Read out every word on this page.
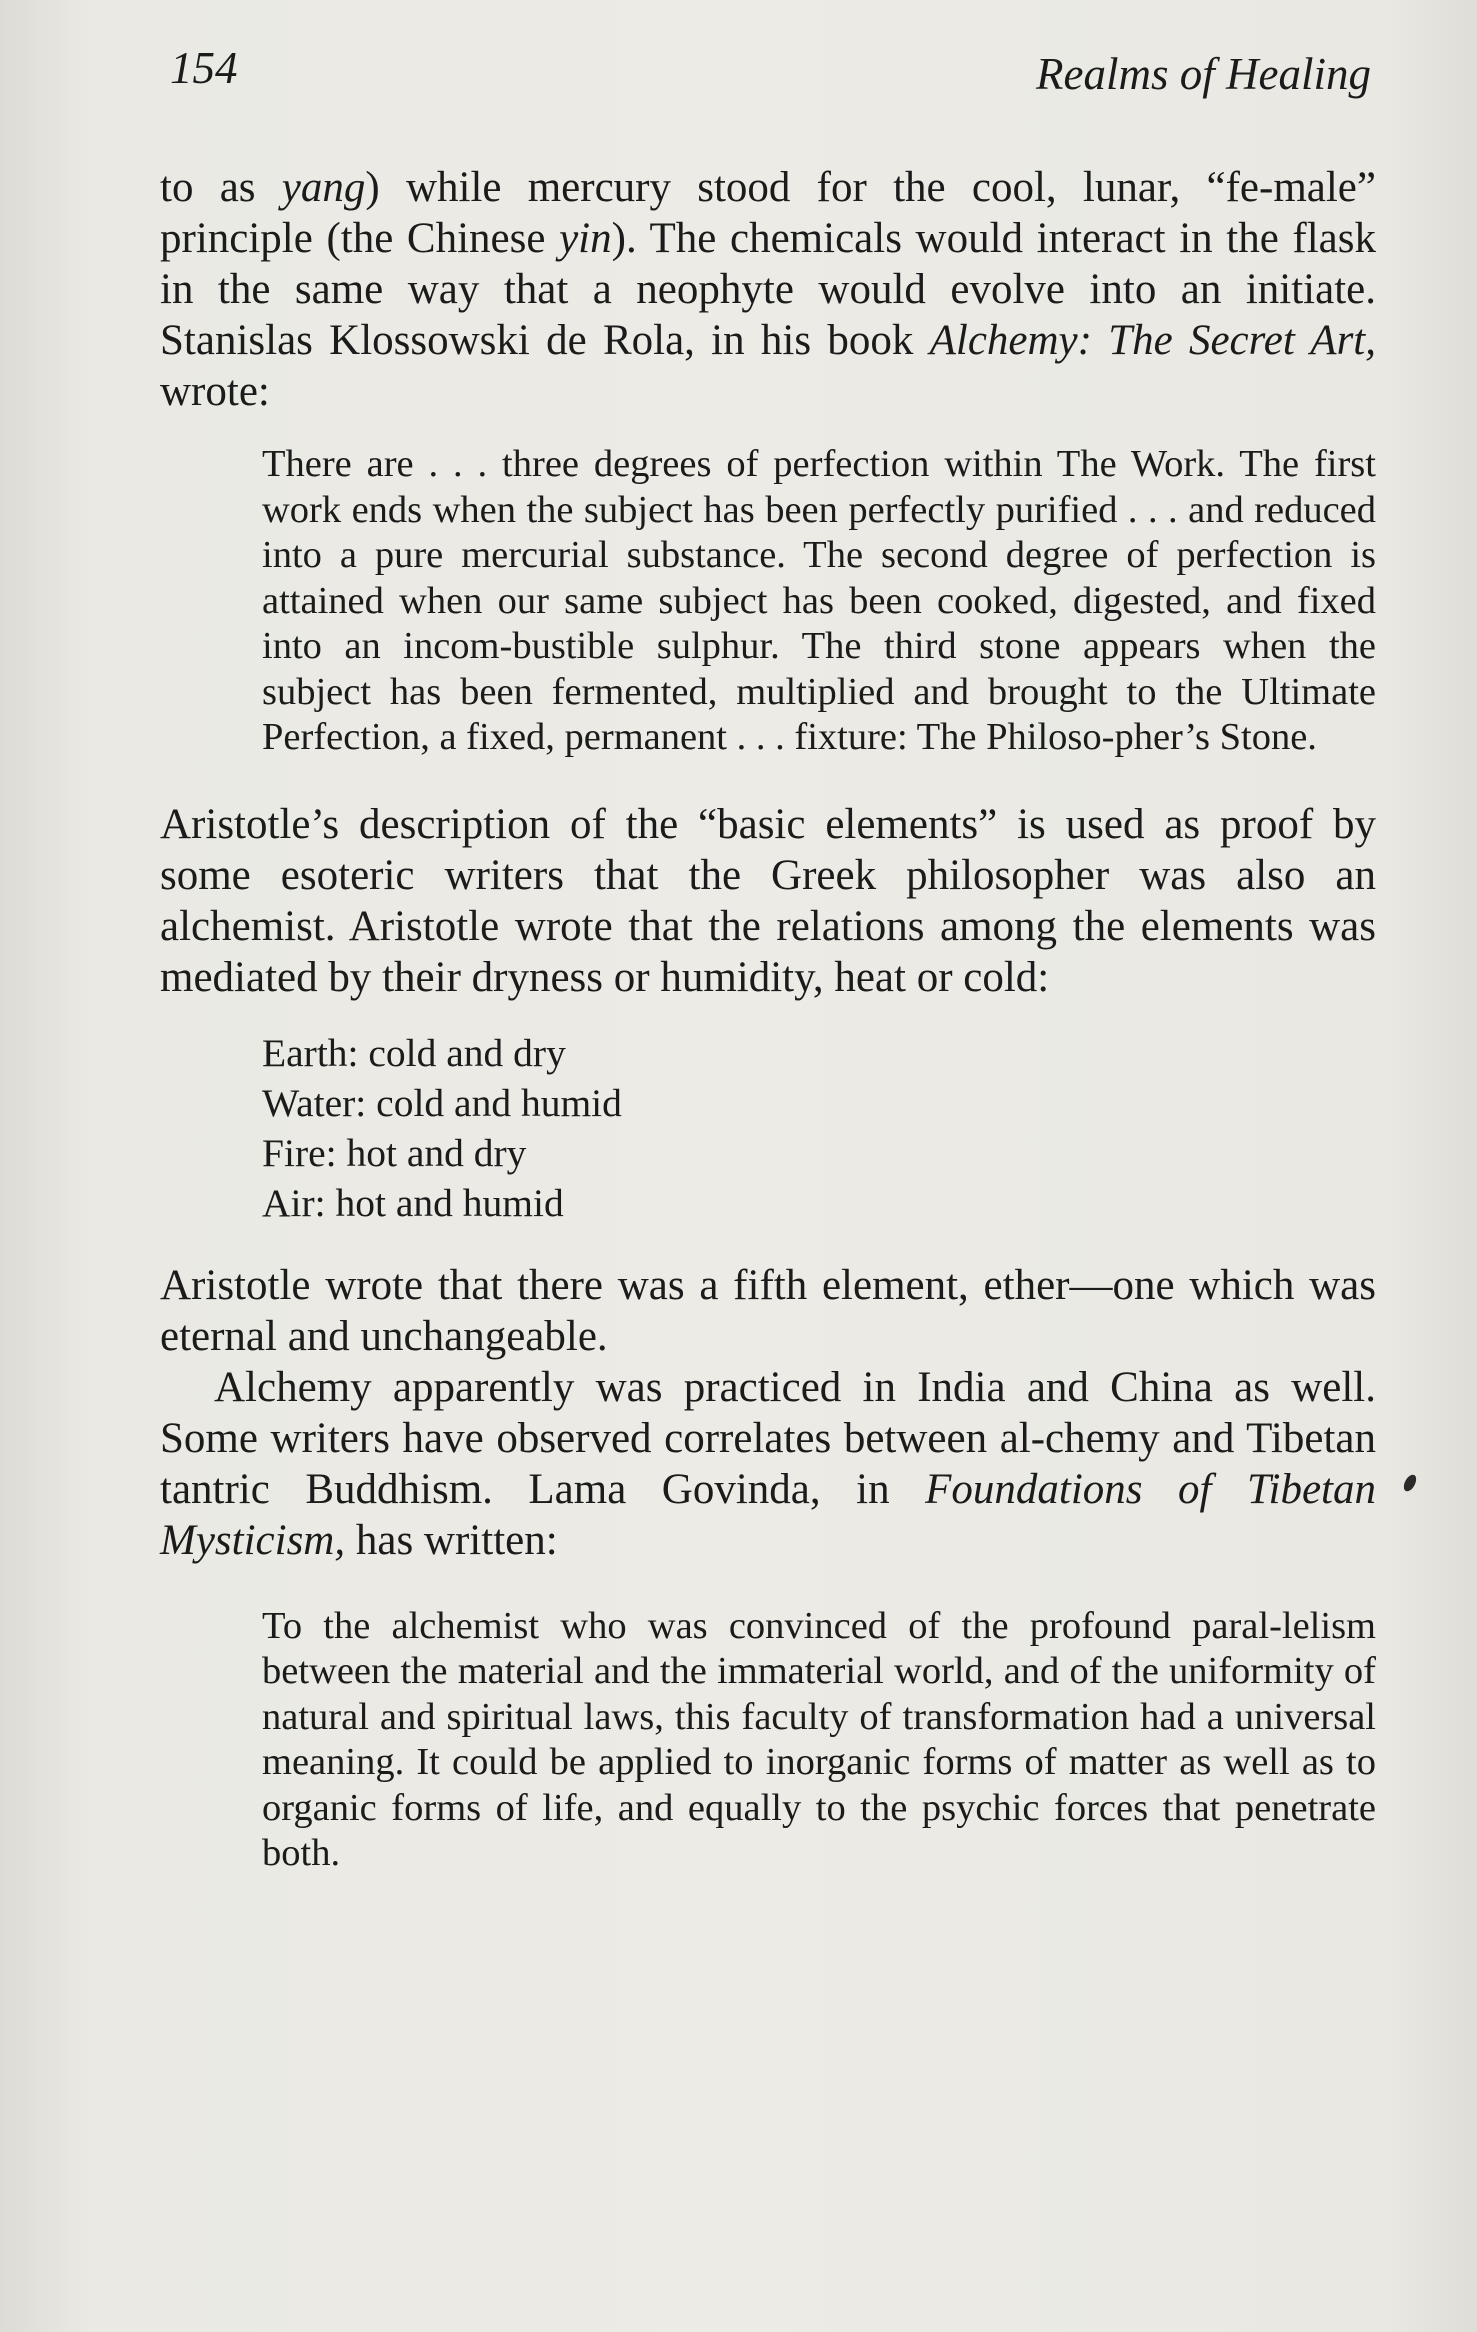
154	Realms of Healing

to as yang) while mercury stood for the cool, lunar, “fe-male” principle (the Chinese yin). The chemicals would interact in the flask in the same way that a neophyte would evolve into an initiate. Stanislas Klossowski de Rola, in his book Alchemy: The Secret Art, wrote:

There are . . . three degrees of perfection within The Work. The first work ends when the subject has been perfectly purified . . . and reduced into a pure mercurial substance. The second degree of perfection is attained when our same subject has been cooked, digested, and fixed into an incom-bustible sulphur. The third stone appears when the subject has been fermented, multiplied and brought to the Ultimate Perfection, a fixed, permanent . . . fixture: The Philoso-pher’s Stone.

Aristotle’s description of the “basic elements” is used as proof by some esoteric writers that the Greek philosopher was also an alchemist. Aristotle wrote that the relations among the elements was mediated by their dryness or humidity, heat or cold:

Earth: cold and dry
Water: cold and humid
Fire: hot and dry
Air: hot and humid

Aristotle wrote that there was a fifth element, ether—one which was eternal and unchangeable.

Alchemy apparently was practiced in India and China as well. Some writers have observed correlates between al-chemy and Tibetan tantric Buddhism. Lama Govinda, in Foundations of Tibetan Mysticism, has written:

To the alchemist who was convinced of the profound paral-lelism between the material and the immaterial world, and of the uniformity of natural and spiritual laws, this faculty of transformation had a universal meaning. It could be applied to inorganic forms of matter as well as to organic forms of life, and equally to the psychic forces that penetrate both.
